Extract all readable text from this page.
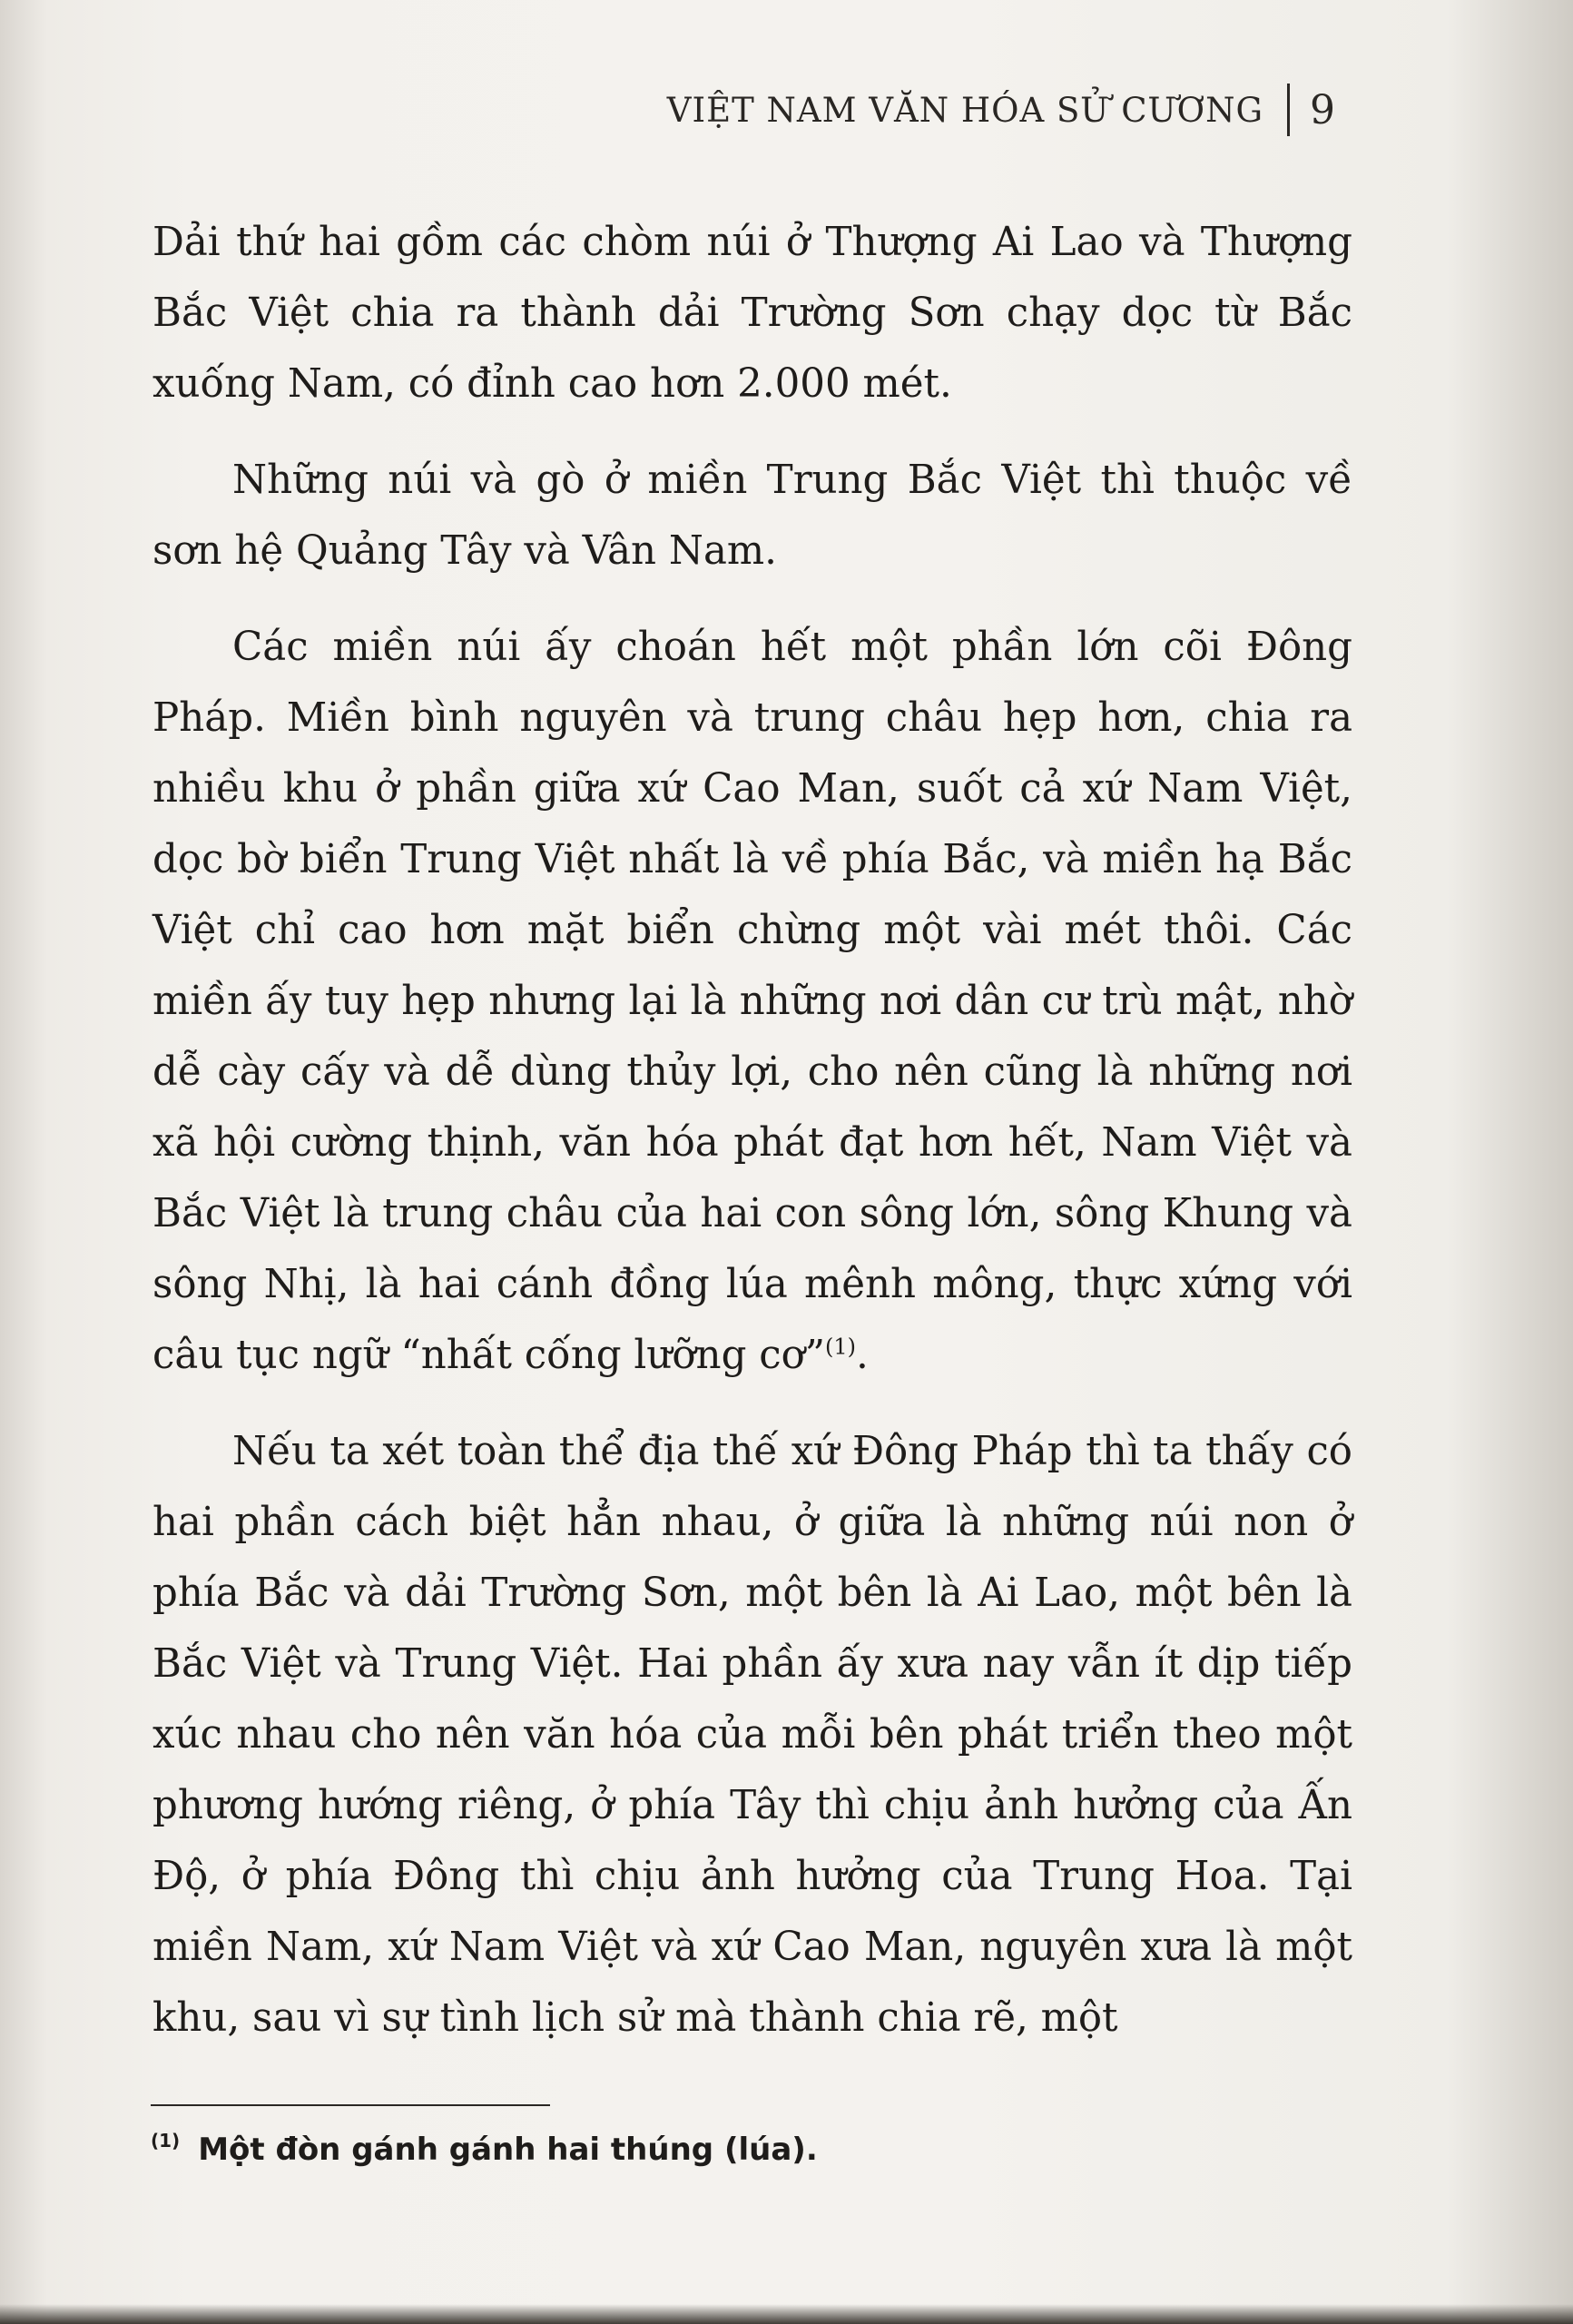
VIỆT NAM VĂN HÓA SỬ CƯƠNG 9

Dải thứ hai gồm các chòm núi ở Thượng Ai Lao và Thượng Bắc Việt chia ra thành dải Trường Sơn chạy dọc từ Bắc xuống Nam, có đỉnh cao hơn 2.000 mét.

Những núi và gò ở miền Trung Bắc Việt thì thuộc về sơn hệ Quảng Tây và Vân Nam.

Các miền núi ấy choán hết một phần lớn cõi Đông Pháp. Miền bình nguyên và trung châu hẹp hơn, chia ra nhiều khu ở phần giữa xứ Cao Man, suốt cả xứ Nam Việt, dọc bờ biển Trung Việt nhất là về phía Bắc, và miền hạ Bắc Việt chỉ cao hơn mặt biển chừng một vài mét thôi. Các miền ấy tuy hẹp nhưng lại là những nơi dân cư trù mật, nhờ dễ cày cấy và dễ dùng thủy lợi, cho nên cũng là những nơi xã hội cường thịnh, văn hóa phát đạt hơn hết, Nam Việt và Bắc Việt là trung châu của hai con sông lớn, sông Khung và sông Nhị, là hai cánh đồng lúa mênh mông, thực xứng với câu tục ngữ “nhất cống lưỡng cơ”$^{(1)}$.

Nếu ta xét toàn thể địa thế xứ Đông Pháp thì ta thấy có hai phần cách biệt hẳn nhau, ở giữa là những núi non ở phía Bắc và dải Trường Sơn, một bên là Ai Lao, một bên là Bắc Việt và Trung Việt. Hai phần ấy xưa nay vẫn ít dịp tiếp xúc nhau cho nên văn hóa của mỗi bên phát triển theo một phương hướng riêng, ở phía Tây thì chịu ảnh hưởng của Ấn Độ, ở phía Đông thì chịu ảnh hưởng của Trung Hoa. Tại miền Nam, xứ Nam Việt và xứ Cao Man, nguyên xưa là một khu, sau vì sự tình lịch sử mà thành chia rẽ, một

(1) Một đòn gánh gánh hai thúng (lúa).
